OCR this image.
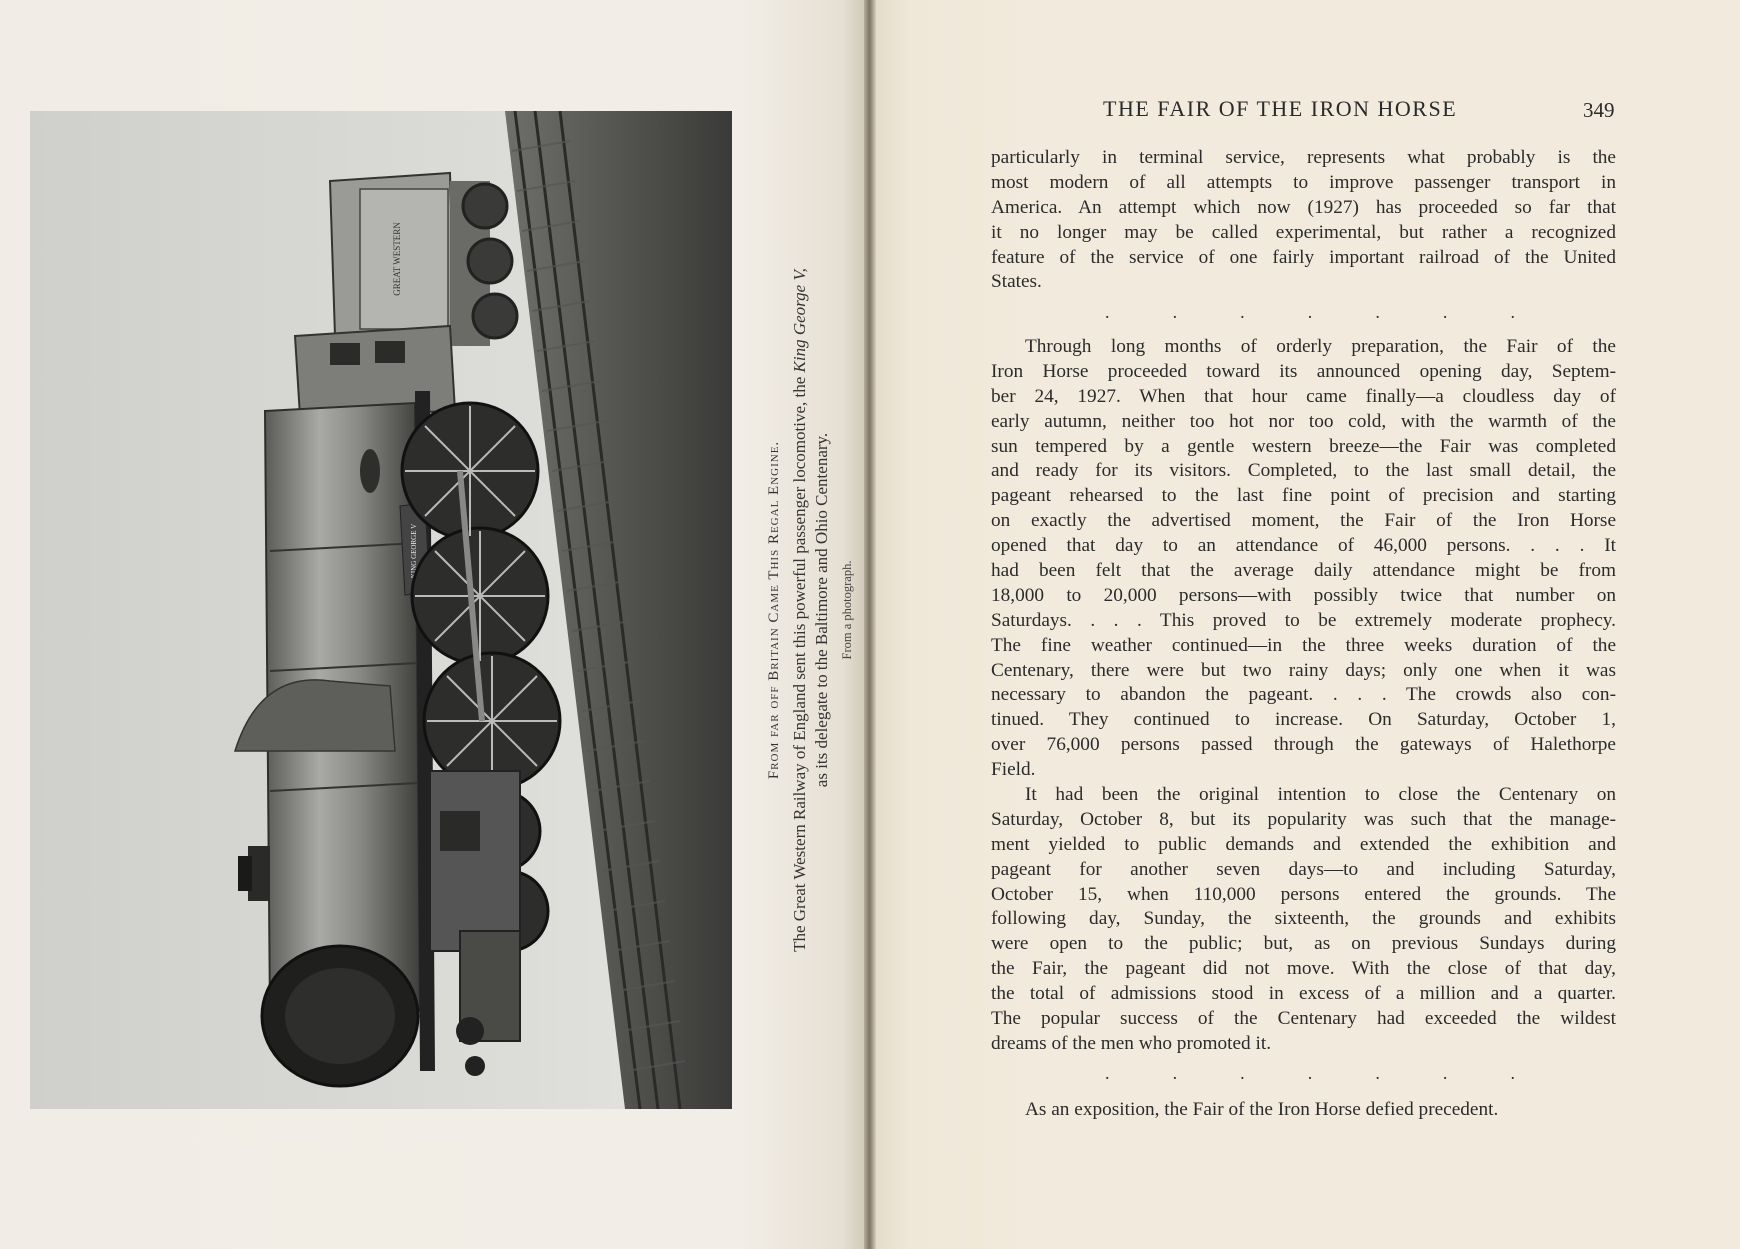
GREAT WESTERN
KING GEORGE V	From far off Britain Came This Regal Engine. The Great Western Railway of England sent this powerful passenger locomotive, the King George V,
as its delegate to the Baltimore and Ohio Centenary. From a photograph.
THE FAIR OF THE IRON HORSE	349
particularly in terminal service, represents what probably is the
most modern of all attempts to improve passenger transport in
America. An attempt which now (1927) has proceeded so far that
it no longer may be called experimental, but rather a recognized
feature of the service of one fairly important railroad of the United
States.
.	.	.	.	.	.	.
Through long months of orderly preparation, the Fair of the
Iron Horse proceeded toward its announced opening day, Septem-
ber 24, 1927. When that hour came finally—a cloudless day of
early autumn, neither too hot nor too cold, with the warmth of the
sun tempered by a gentle western breeze—the Fair was completed
and ready for its visitors. Completed, to the last small detail, the
pageant rehearsed to the last fine point of precision and starting
on exactly the advertised moment, the Fair of the Iron Horse
opened that day to an attendance of 46,000 persons. . . . It
had been felt that the average daily attendance might be from
18,000 to 20,000 persons—with possibly twice that number on
Saturdays. . . . This proved to be extremely moderate prophecy.
The fine weather continued—in the three weeks duration of the
Centenary, there were but two rainy days; only one when it was
necessary to abandon the pageant. . . . The crowds also con-
tinued. They continued to increase. On Saturday, October 1,
over 76,000 persons passed through the gateways of Halethorpe
Field.
It had been the original intention to close the Centenary on
Saturday, October 8, but its popularity was such that the manage-
ment yielded to public demands and extended the exhibition and
pageant for another seven days—to and including Saturday,
October 15, when 110,000 persons entered the grounds. The
following day, Sunday, the sixteenth, the grounds and exhibits
were open to the public; but, as on previous Sundays during
the Fair, the pageant did not move. With the close of that day,
the total of admissions stood in excess of a million and a quarter.
The popular success of the Centenary had exceeded the wildest
dreams of the men who promoted it.
.	.	.	.	.	.	.
As an exposition, the Fair of the Iron Horse defied precedent.
